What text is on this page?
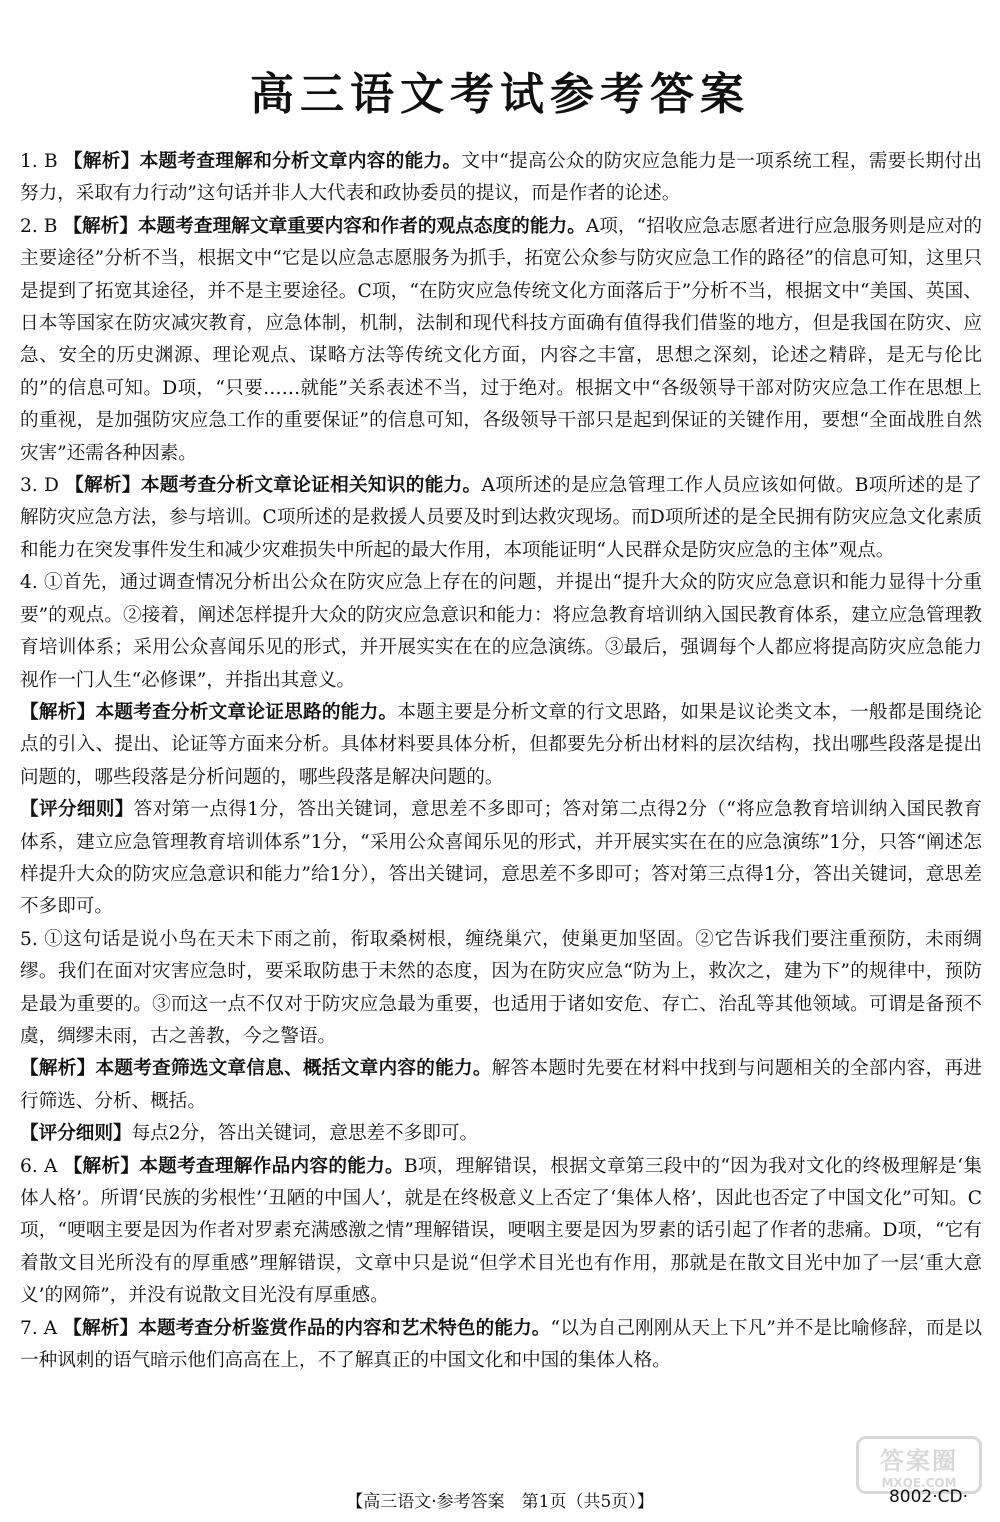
高三语文考试参考答案

1. B 【解析】本题考查理解和分析文章内容的能力。文中“提高公众的防灾应急能力是一项系统工程，需要长期付出努力，采取有力行动”这句话并非人大代表和政协委员的提议，而是作者的论述。

2. B 【解析】本题考查理解文章重要内容和作者的观点态度的能力。A项，“招收应急志愿者进行应急服务则是应对的主要途径”分析不当，根据文中“它是以应急志愿服务为抓手，拓宽公众参与防灾应急工作的路径”的信息可知，这里只是提到了拓宽其途径，并不是主要途径。C项，“在防灾应急传统文化方面落后于”分析不当，根据文中“美国、英国、日本等国家在防灾减灾教育，应急体制，机制，法制和现代科技方面确有值得我们借鉴的地方，但是我国在防灾、应急、安全的历史渊源、理论观点、谋略方法等传统文化方面，内容之丰富，思想之深刻，论述之精辟，是无与伦比的”的信息可知。D项，“只要……就能”关系表述不当，过于绝对。根据文中“各级领导干部对防灾应急工作在思想上的重视，是加强防灾应急工作的重要保证”的信息可知，各级领导干部只是起到保证的关键作用，要想“全面战胜自然灾害”还需各种因素。

3. D 【解析】本题考查分析文章论证相关知识的能力。A项所述的是应急管理工作人员应该如何做。B项所述的是了解防灾应急方法，参与培训。C项所述的是救援人员要及时到达救灾现场。而D项所述的是全民拥有防灾应急文化素质和能力在突发事件发生和减少灾难损失中所起的最大作用，本项能证明“人民群众是防灾应急的主体”观点。

4. ①首先，通过调查情况分析出公众在防灾应急上存在的问题，并提出“提升大众的防灾应急意识和能力显得十分重要”的观点。②接着，阐述怎样提升大众的防灾应急意识和能力：将应急教育培训纳入国民教育体系，建立应急管理教育培训体系；采用公众喜闻乐见的形式，并开展实实在在的应急演练。③最后，强调每个人都应将提高防灾应急能力视作一门人生“必修课”，并指出其意义。

【解析】本题考查分析文章论证思路的能力。本题主要是分析文章的行文思路，如果是议论类文本，一般都是围绕论点的引入、提出、论证等方面来分析。具体材料要具体分析，但都要先分析出材料的层次结构，找出哪些段落是提出问题的，哪些段落是分析问题的，哪些段落是解决问题的。

【评分细则】答对第一点得1分，答出关键词，意思差不多即可；答对第二点得2分（“将应急教育培训纳入国民教育体系，建立应急管理教育培训体系”1分，“采用公众喜闻乐见的形式，并开展实实在在的应急演练”1分，只答“阐述怎样提升大众的防灾应急意识和能力”给1分），答出关键词，意思差不多即可；答对第三点得1分，答出关键词，意思差不多即可。

5. ①这句话是说小鸟在天未下雨之前，衔取桑树根，缠绕巢穴，使巢更加坚固。②它告诉我们要注重预防，未雨绸缪。我们在面对灾害应急时，要采取防患于未然的态度，因为在防灾应急“防为上，救次之，建为下”的规律中，预防是最为重要的。③而这一点不仅对于防灾应急最为重要，也适用于诸如安危、存亡、治乱等其他领域。可谓是备预不虞，绸缪未雨，古之善教，今之警语。

【解析】本题考查筛选文章信息、概括文章内容的能力。解答本题时先要在材料中找到与问题相关的全部内容，再进行筛选、分析、概括。

【评分细则】每点2分，答出关键词，意思差不多即可。

6. A 【解析】本题考查理解作品内容的能力。B项，理解错误，根据文章第三段中的“因为我对文化的终极理解是‘集体人格’。所谓‘民族的劣根性’‘丑陋的中国人’，就是在终极意义上否定了‘集体人格’，因此也否定了中国文化”可知。C项，“哽咽主要是因为作者对罗素充满感激之情”理解错误，哽咽主要是因为罗素的话引起了作者的悲痛。D项，“它有着散文目光所没有的厚重感”理解错误，文章中只是说“但学术目光也有作用，那就是在散文目光中加了一层‘重大意义’的网筛”，并没有说散文目光没有厚重感。

7. A 【解析】本题考查分析鉴赏作品的内容和艺术特色的能力。“以为自己刚刚从天上下凡”并不是比喻修辞，而是以一种讽刺的语气暗示他们高高在上，不了解真正的中国文化和中国的集体人格。

答案圈
MXQE.COM
【高三语文·参考答案　第1页（共5页）】	8002·CD·
